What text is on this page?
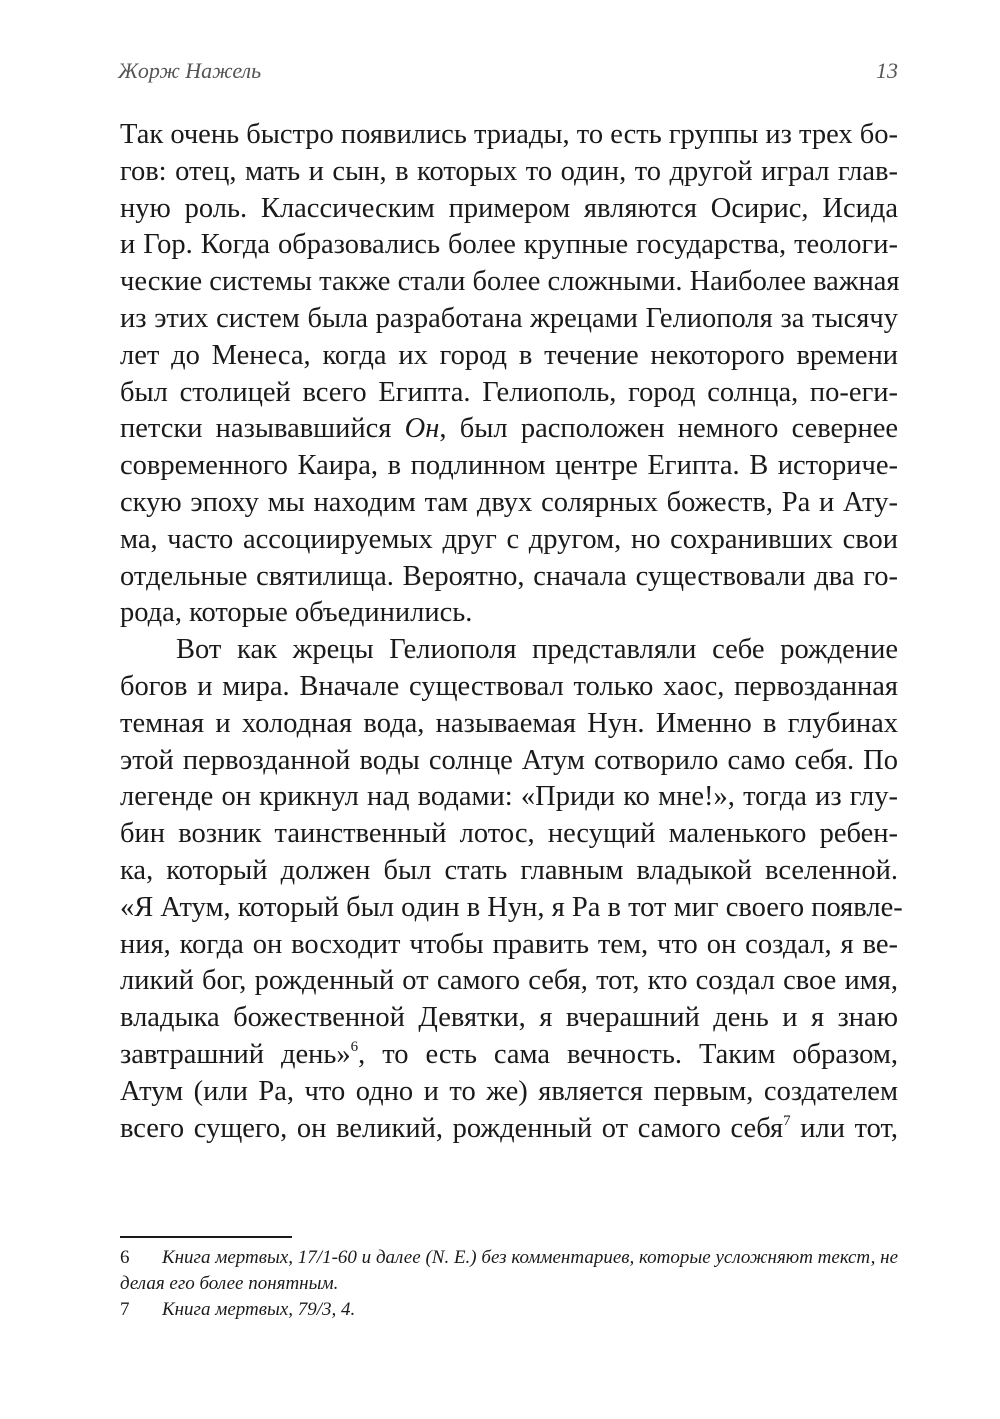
Жорж Нажель	13

Так очень быстро появились триады, то есть группы из трех бо-
гов: отец, мать и сын, в которых то один, то другой играл глав-
ную роль. Классическим примером являются Осирис, Исида
и Гор. Когда образовались более крупные государства, теологи-
ческие системы также стали более сложными. Наиболее важная
из этих систем была разработана жрецами Гелиополя за тысячу
лет до Менеса, когда их город в течение некоторого времени
был столицей всего Египта. Гелиополь, город солнца, по-еги-
петски называвшийся Он, был расположен немного севернее
современного Каира, в подлинном центре Египта. В историче-
скую эпоху мы находим там двух солярных божеств, Ра и Ату-
ма, часто ассоциируемых друг с другом, но сохранивших свои
отдельные святилища. Вероятно, сначала существовали два го-
рода, которые объединились.

Вот как жрецы Гелиополя представляли себе рождение
богов и мира. Вначале существовал только хаос, первозданная
темная и холодная вода, называемая Нун. Именно в глубинах
этой первозданной воды солнце Атум сотворило само себя. По
легенде он крикнул над водами: «Приди ко мне!», тогда из глу-
бин возник таинственный лотос, несущий маленького ребен-
ка, который должен был стать главным владыкой вселенной.
«Я Атум, который был один в Нун, я Ра в тот миг своего появле-
ния, когда он восходит чтобы править тем, что он создал, я ве-
ликий бог, рожденный от самого себя, тот, кто создал свое имя,
владыка божественной Девятки, я вчерашний день и я знаю
завтрашний день»$^6$, то есть сама вечность. Таким образом,
Атум (или Ра, что одно и то же) является первым, создателем
всего сущего, он великий, рожденный от самого себя$^7$ или тот,

6 Книга мертвых, 17/1-60 и далее (N. E.) без комментариев, которые усложняют текст, не делая его более понятным.

7 Книга мертвых, 79/3, 4.
